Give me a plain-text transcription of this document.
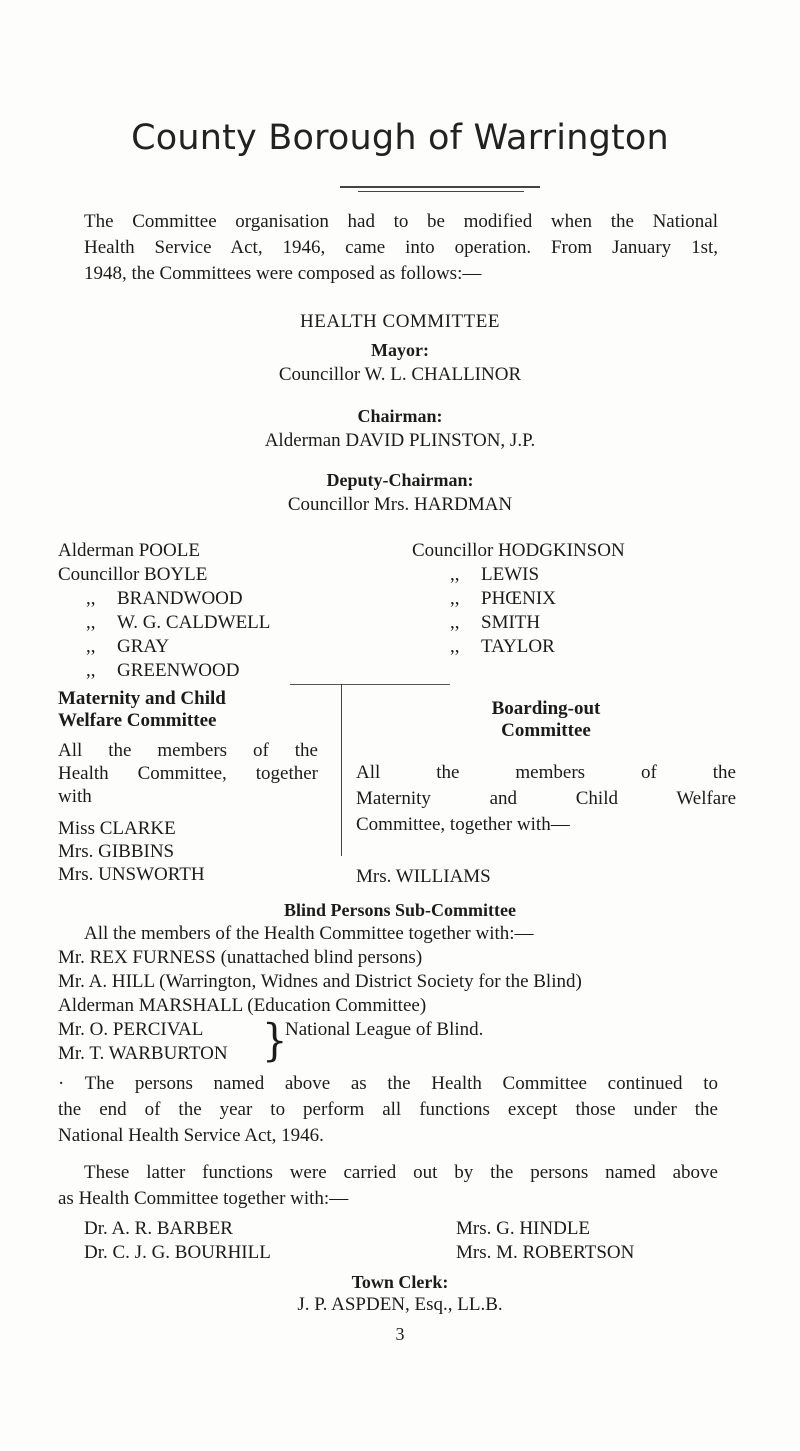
County Borough of Warrington
The Committee organisation had to be modified when the National
Health Service Act, 1946, came into operation. From January 1st,
1948, the Committees were composed as follows:—
HEALTH COMMITTEE
Mayor:
Councillor W. L. CHALLINOR
Chairman:
Alderman DAVID PLINSTON, J.P.
Deputy-Chairman:
Councillor Mrs. HARDMAN
Alderman POOLE
Councillor BOYLE
,, BRANDWOOD
,, W. G. CALDWELL
,, GRAY
,, GREENWOOD
Councillor HODGKINSON
,, LEWIS
,, PHŒNIX
,, SMITH
,, TAYLOR
Maternity and Child
Welfare Committee
All the members of the
Health Committee, together
with
Miss CLARKE
Mrs. GIBBINS
Mrs. UNSWORTH
Boarding-out
Committee
All the members of the
Maternity and Child Welfare
Committee, together with—
Mrs. WILLIAMS
Blind Persons Sub-Committee
All the members of the Health Committee together with:—
Mr. REX FURNESS (unattached blind persons)
Mr. A. HILL (Warrington, Widnes and District Society for the Blind)
Alderman MARSHALL (Education Committee)
Mr. O. PERCIVAL
Mr. T. WARBURTON }
National League of Blind.
· The persons named above as the Health Committee continued to
the end of the year to perform all functions except those under the
National Health Service Act, 1946.
These latter functions were carried out by the persons named above
as Health Committee together with:—
Dr. A. R. BARBER
Dr. C. J. G. BOURHILL
Mrs. G. HINDLE
Mrs. M. ROBERTSON
Town Clerk:
J. P. ASPDEN, Esq., LL.B.
3
